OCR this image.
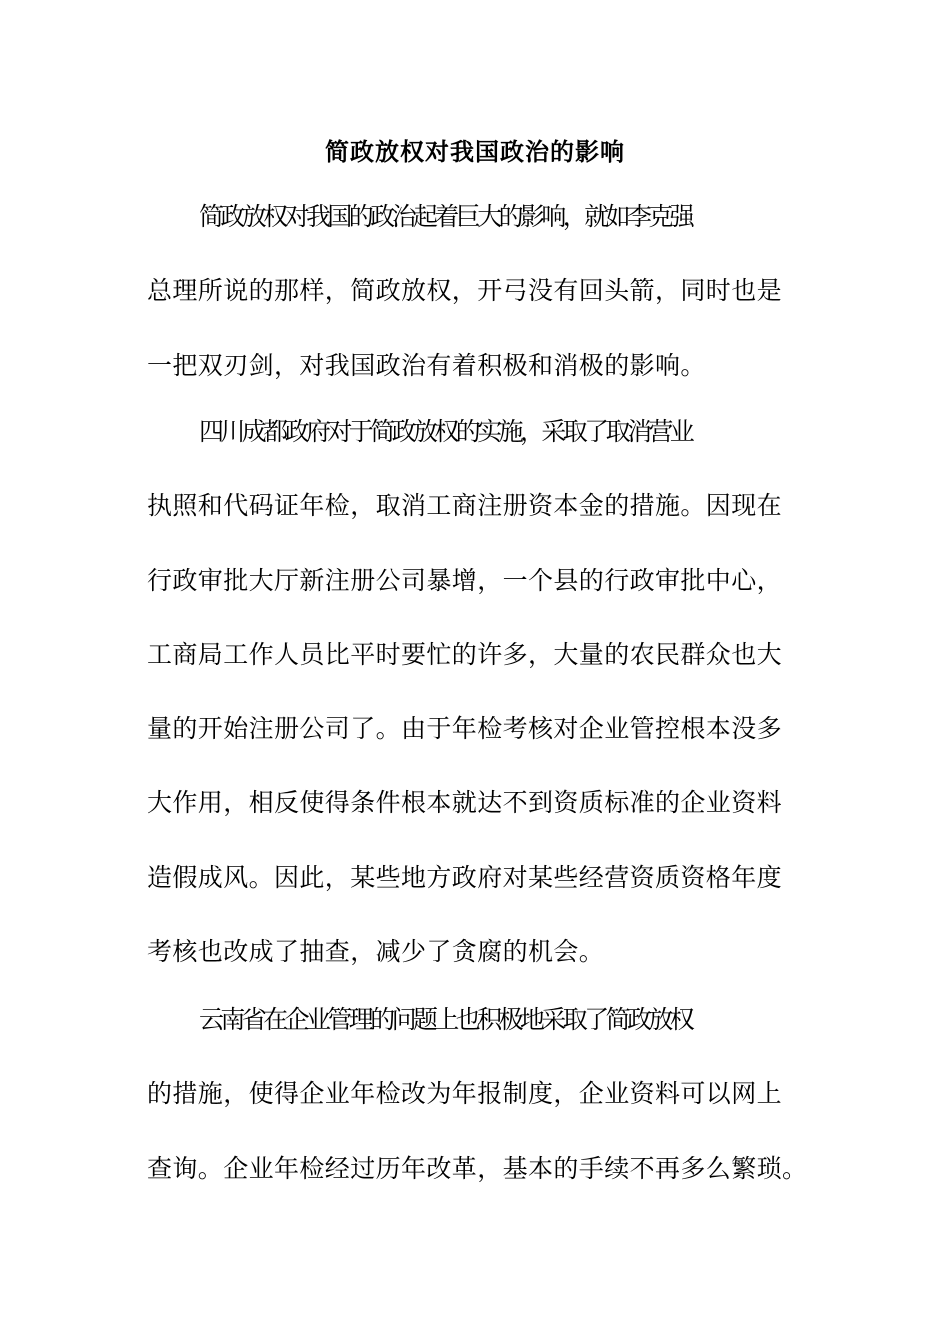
简政放权对我国政治的影响
简政放权对我国的政治起着巨大的影响，就如李克强
总理所说的那样，简政放权，开弓没有回头箭，同时也是
一把双刃剑，对我国政治有着积极和消极的影响。
四川成都政府对于简政放权的实施，采取了取消营业
执照和代码证年检，取消工商注册资本金的措施。因现在
行政审批大厅新注册公司暴增，一个县的行政审批中心，
工商局工作人员比平时要忙的许多，大量的农民群众也大
量的开始注册公司了。由于年检考核对企业管控根本没多
大作用，相反使得条件根本就达不到资质标准的企业资料
造假成风。因此，某些地方政府对某些经营资质资格年度
考核也改成了抽查，减少了贪腐的机会。
云南省在企业管理的问题上也积极地采取了简政放权
的措施，使得企业年检改为年报制度，企业资料可以网上
查询。企业年检经过历年改革，基本的手续不再多么繁琐。
